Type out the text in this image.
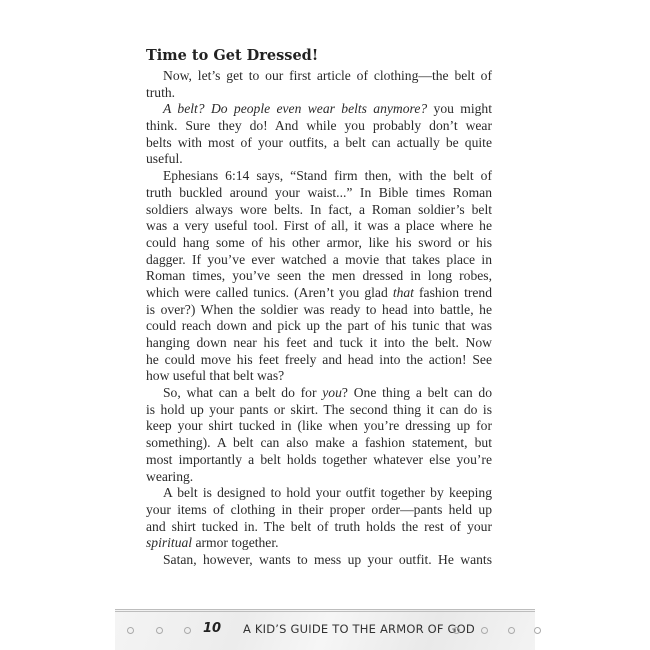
Time to Get Dressed!
Now, let’s get to our first article of clothing—the belt of
truth.
A belt? Do people even wear belts anymore? you might
think. Sure they do! And while you probably don’t wear
belts with most of your outfits, a belt can actually be quite
useful.
Ephesians 6:14 says, “Stand firm then, with the belt of
truth buckled around your waist...” In Bible times Roman
soldiers always wore belts. In fact, a Roman soldier’s belt
was a very useful tool. First of all, it was a place where he
could hang some of his other armor, like his sword or his
dagger. If you’ve ever watched a movie that takes place in
Roman times, you’ve seen the men dressed in long robes,
which were called tunics. (Aren’t you glad that fashion trend
is over?) When the soldier was ready to head into battle, he
could reach down and pick up the part of his tunic that was
hanging down near his feet and tuck it into the belt. Now
he could move his feet freely and head into the action! See
how useful that belt was?
So, what can a belt do for you? One thing a belt can do
is hold up your pants or skirt. The second thing it can do is
keep your shirt tucked in (like when you’re dressing up for
something). A belt can also make a fashion statement, but
most importantly a belt holds together whatever else you’re
wearing.
A belt is designed to hold your outfit together by keeping
your items of clothing in their proper order—pants held up
and shirt tucked in. The belt of truth holds the rest of your
spiritual armor together.
Satan, however, wants to mess up your outfit. He wants
10 A KID’S GUIDE TO THE ARMOR OF GOD
